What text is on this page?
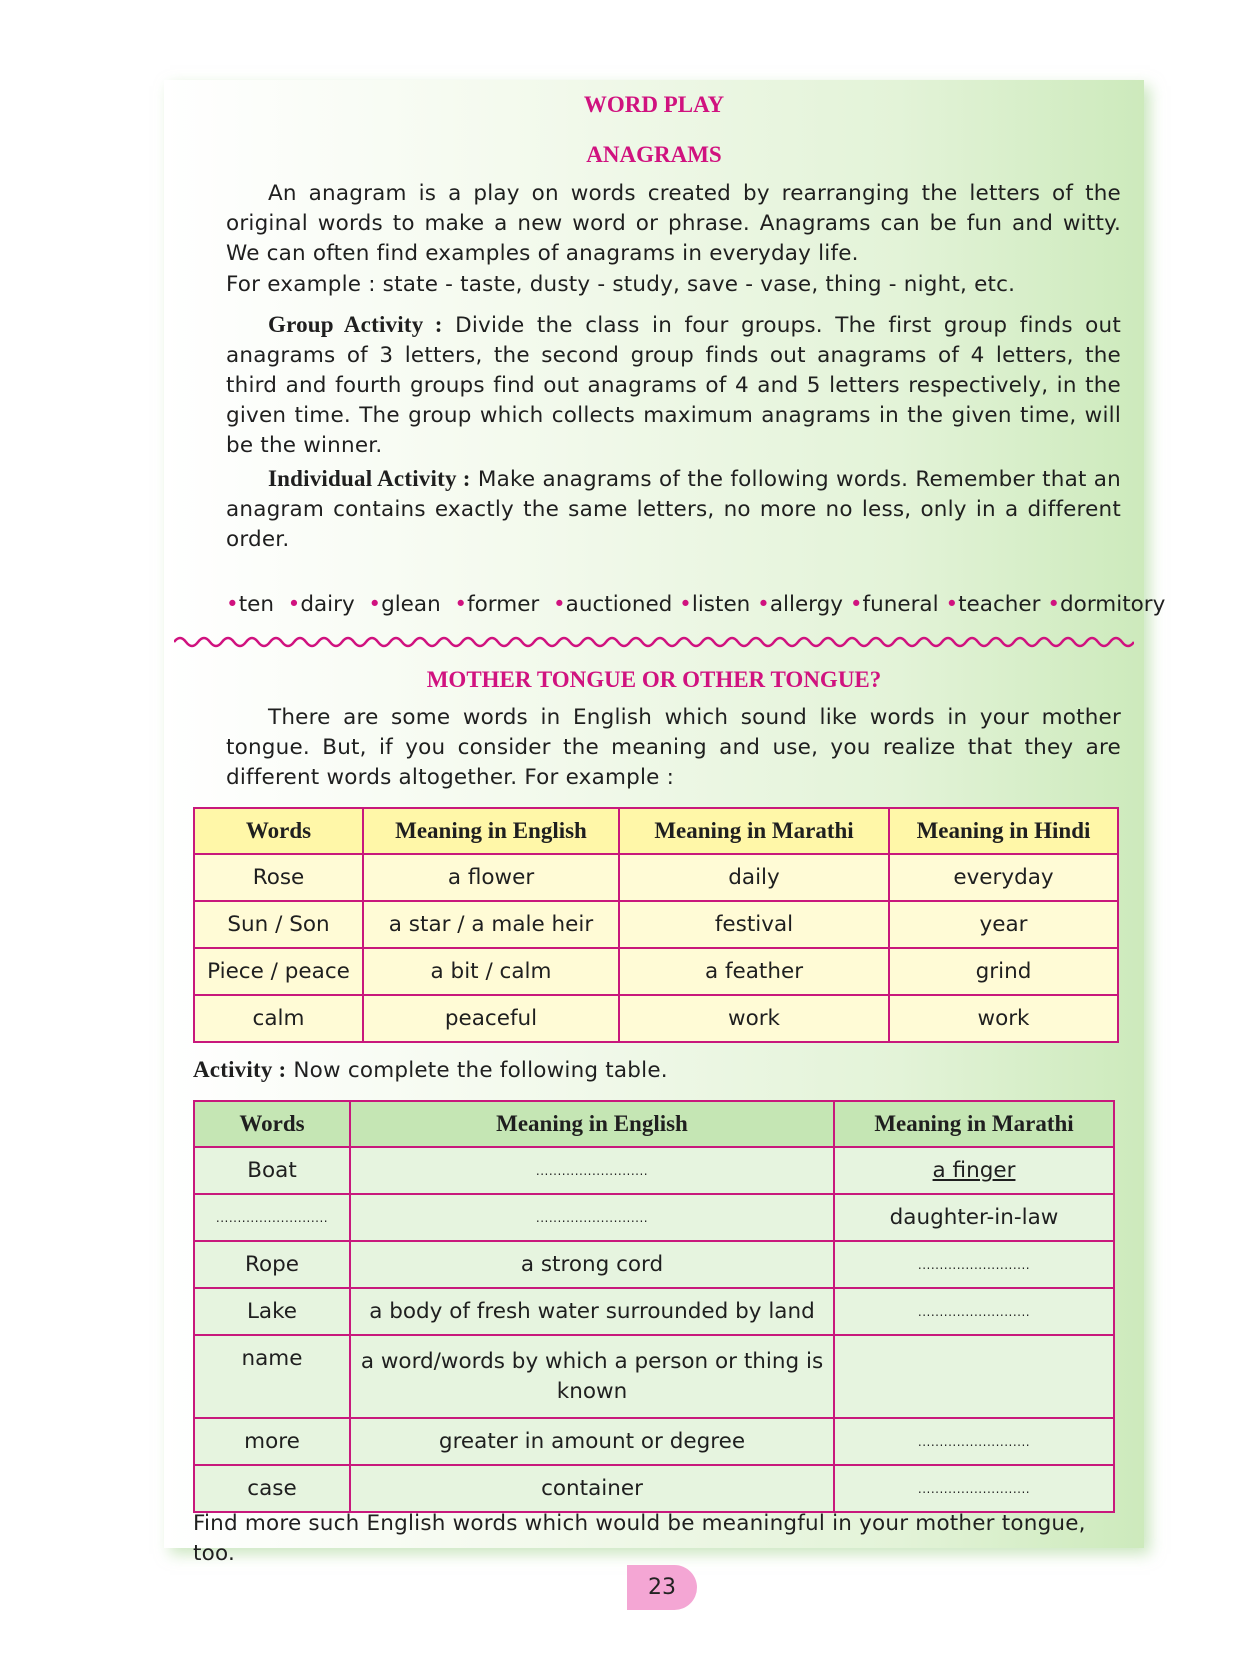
WORD PLAY
ANAGRAMS

An anagram is a play on words created by rearranging the letters of the original words to make a new word or phrase. Anagrams can be fun and witty. We can often find examples of anagrams in everyday life.

For example : state - taste, dusty - study, save - vase, thing - night, etc.

Group Activity : Divide the class in four groups. The first group finds out anagrams of 3 letters, the second group finds out anagrams of 4 letters, the third and fourth groups find out anagrams of 4 and 5 letters respectively, in the given time. The group which collects maximum anagrams in the given time, will be the winner.

Individual Activity : Make anagrams of the following words. Remember that an anagram contains exactly the same letters, no more no less, only in a different order.

•ten •dairy •glean •former •auctioned •listen •allergy •funeral •teacher •dormitory
MOTHER TONGUE OR OTHER TONGUE?

There are some words in English which sound like words in your mother tongue. But, if you consider the meaning and use, you realize that they are different words altogether. For example :

Words	Meaning in English	Meaning in Marathi	Meaning in Hindi
Rose	a flower	daily	everyday
Sun / Son	a star / a male heir	festival	year
Piece / peace	a bit / calm	a feather	grind
calm	peaceful	work	work

Activity : Now complete the following table.

Words	Meaning in English	Meaning in Marathi
Boat	..........................	a finger
..........................	..........................	daughter-in-law
Rope	a strong cord	..........................
Lake	a body of fresh water surrounded by land	..........................
name	a word/words by which a person or thing is known	
more	greater in amount or degree	..........................
case	container	..........................

Find more such English words which would be meaningful in your mother tongue, too.

23
